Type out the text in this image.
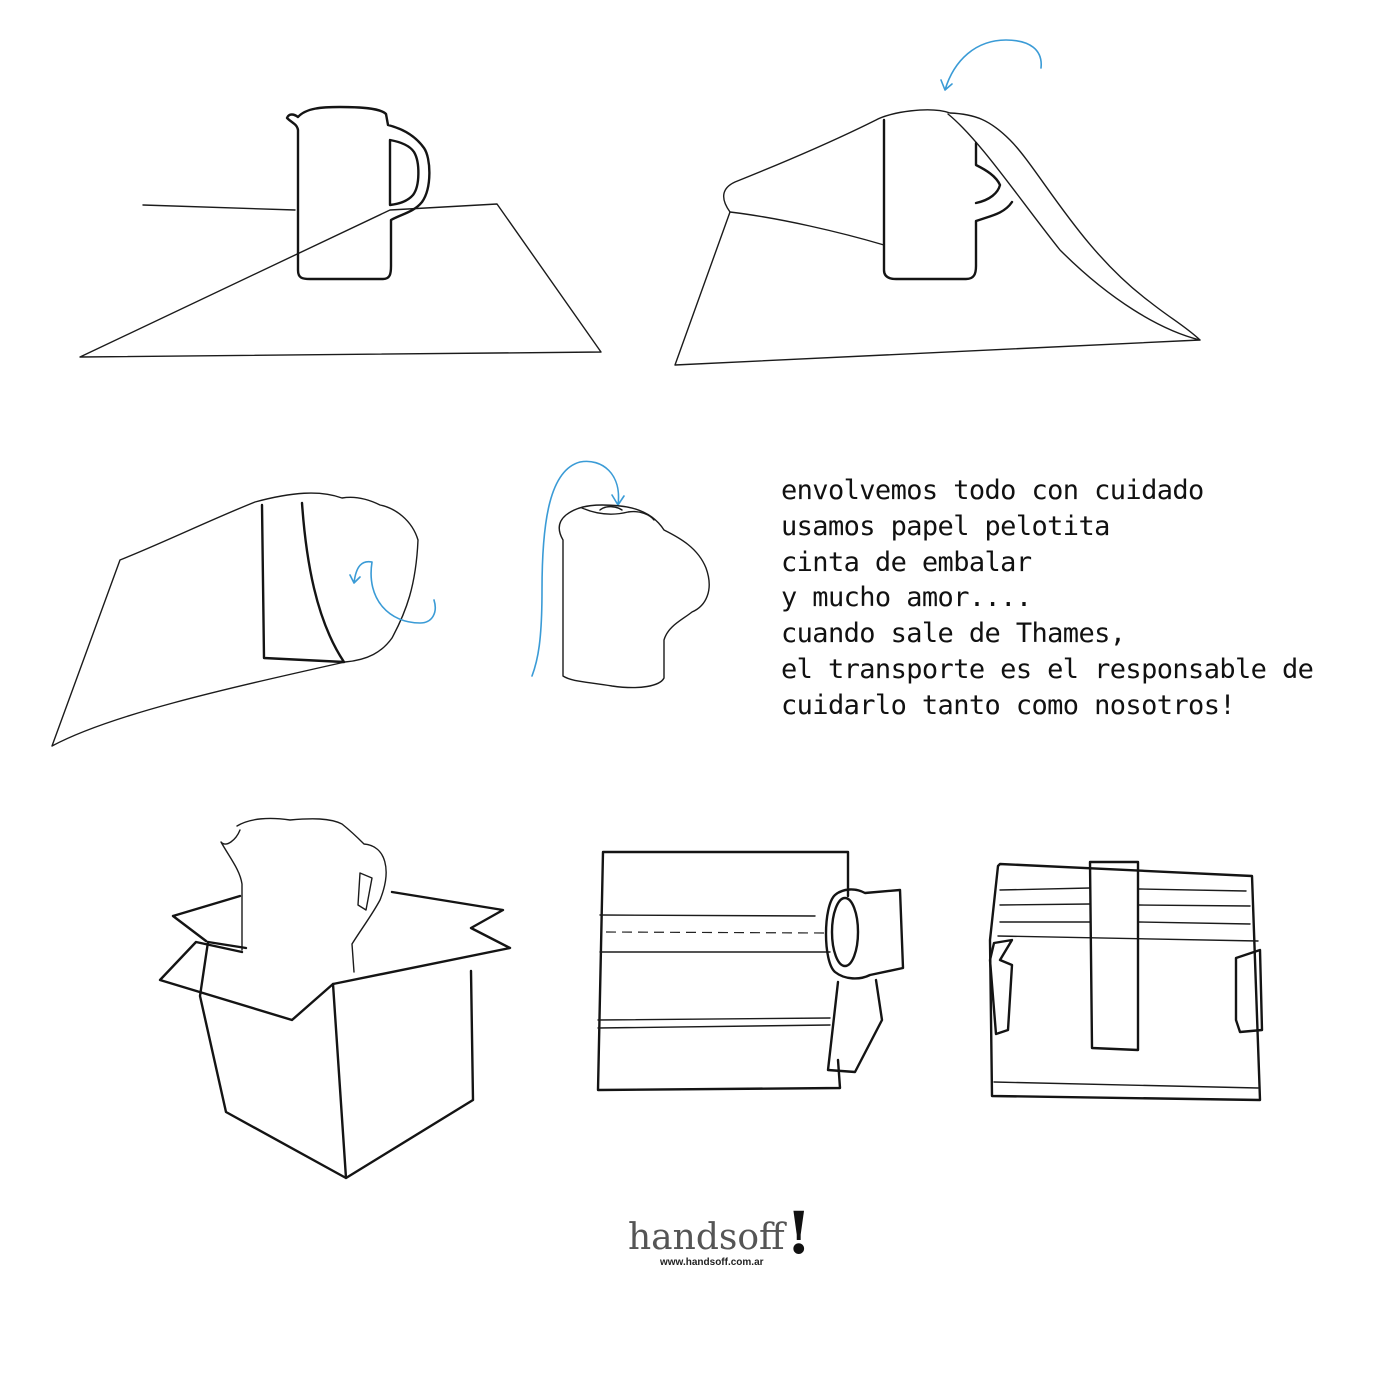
envolvemos todo con cuidado
usamos papel pelotita
cinta de embalar
y mucho amor....
cuando sale de Thames,
el transporte es el responsable de
cuidarlo tanto como nosotros!
handsoff !
www.handsoff.com.ar
